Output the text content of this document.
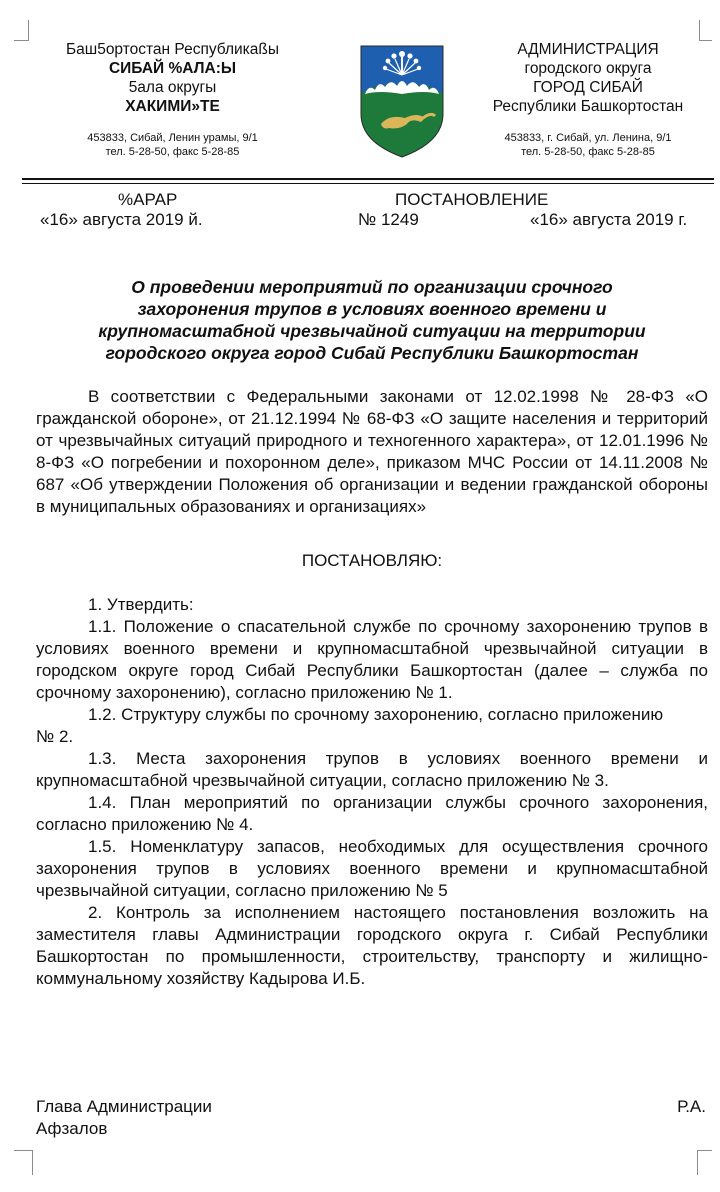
Баш5ортостан Республикаßы
СИБАЙ %АЛА:Ы
5ала округы
ХАКИМИ»ТЕ
453833, Сибай, Ленин урамы, 9/1
тел. 5-28-50, факс 5-28-85
АДМИНИСТРАЦИЯ
городского округа
ГОРОД СИБАЙ
Республики Башкортостан
453833, г. Сибай, ул. Ленина, 9/1
тел. 5-28-50, факс 5-28-85
%АРАР	ПОСТАНОВЛЕНИЕ
«16» августа 2019 й.	№ 1249	«16» августа 2019 г.
О проведении мероприятий по организации срочного
захоронения трупов в условиях военного времени и
крупномасштабной чрезвычайной ситуации на территории
городского округа город Сибай Республики Башкортостан

В соответствии с Федеральными законами от 12.02.1998 № 28-ФЗ «О гражданской обороне», от 21.12.1994 № 68-ФЗ «О защите населения и территорий от чрезвычайных ситуаций природного и техногенного характера», от 12.01.1996 № 8-ФЗ «О погребении и похоронном деле», приказом МЧС России от 14.11.2008 № 687 «Об утверждении Положения об организации и ведении гражданской обороны в муниципальных образованиях и организациях»

ПОСТАНОВЛЯЮ:

1. Утвердить:

1.1. Положение о спасательной службе по срочному захоронению трупов в условиях военного времени и крупномасштабной чрезвычайной ситуации в городском округе город Сибай Республики Башкортостан (далее – служба по срочному захоронению), согласно приложению № 1.

1.2. Структуру службы по срочному захоронению, согласно приложению

№ 2.

1.3. Места захоронения трупов в условиях военного времени и крупномасштабной чрезвычайной ситуации, согласно приложению № 3.

1.4. План мероприятий по организации службы срочного захоронения, согласно приложению № 4.

1.5. Номенклатуру запасов, необходимых для осуществления срочного захоронения трупов в условиях военного времени и крупномасштабной чрезвычайной ситуации, согласно приложению № 5

2. Контроль за исполнением настоящего постановления возложить на заместителя главы Администрации городского округа г. Сибай Республики Башкортостан по промышленности, строительству, транспорту и жилищно-коммунальному хозяйству Кадырова И.Б.

Глава Администрации	Р.А.
Афзалов
